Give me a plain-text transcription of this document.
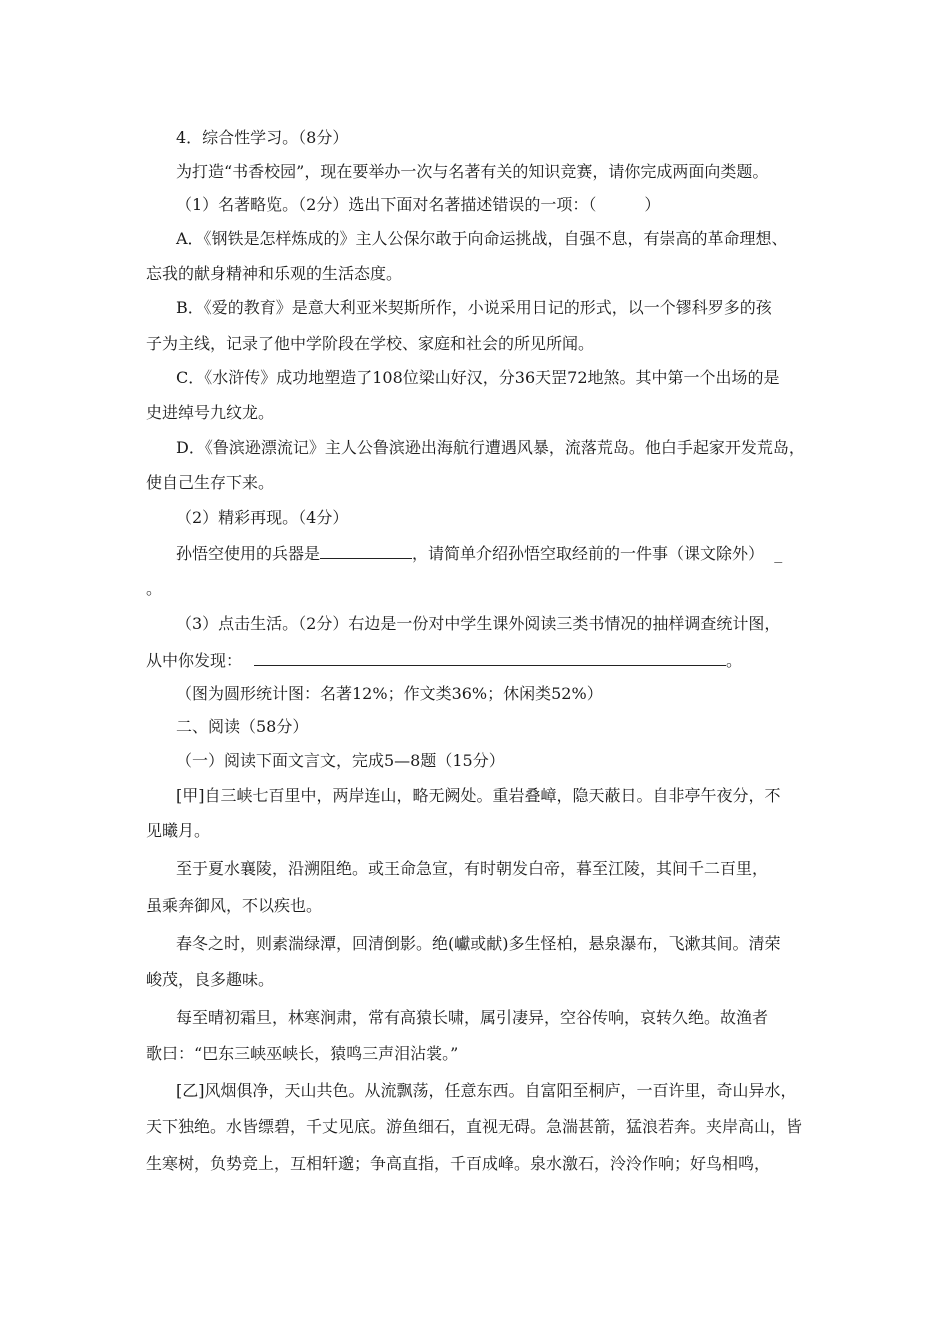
4．综合性学习。（8分）
为打造“书香校园”，现在要举办一次与名著有关的知识竞赛，请你完成两面向类题。
（1）名著略览。（2分）选出下面对名著描述错误的一项：（　　　）
A．《钢铁是怎样炼成的》主人公保尔敢于向命运挑战，自强不息，有崇高的革命理想、
忘我的献身精神和乐观的生活态度。
B．《爱的教育》是意大利亚米契斯所作，小说采用日记的形式，以一个镠科罗多的孩
子为主线，记录了他中学阶段在学校、家庭和社会的所见所闻。
C．《水浒传》成功地塑造了108位梁山好汉，分36天罡72地煞。其中第一个出场的是
史进绰号九纹龙。
D．《鲁滨逊漂流记》主人公鲁滨逊出海航行遭遇风暴，流落荒岛。他白手起家开发荒岛，
使自己生存下来。
（2）精彩再现。（4分）
孙悟空使用的兵器是	，请简单介绍孙悟空取经前的一件事（课文除外） _
。
（3）点击生活。（2分）右边是一份对中学生课外阅读三类书情况的抽样调查统计图，
从中你发现：	。
（图为圆形统计图：名著12%；作文类36%；休闲类52%）
二、阅读（58分）
（一）阅读下面文言文，完成5—8题（15分）
[甲]自三峡七百里中，两岸连山，略无阙处。重岩叠嶂，隐天蔽日。自非亭午夜分，不
见曦月。
至于夏水襄陵，沿溯阻绝。或王命急宣，有时朝发白帝，暮至江陵，其间千二百里，
虽乘奔御风，不以疾也。
春冬之时，则素湍绿潭，回清倒影。绝(巘或献)多生怪柏，悬泉瀑布，飞漱其间。清荣
峻茂，良多趣味。
每至晴初霜旦，林寒涧肃，常有高猿长啸，属引凄异，空谷传响，哀转久绝。故渔者
歌曰：“巴东三峡巫峡长，猿鸣三声泪沾裳。”
[乙]风烟俱净，天山共色。从流飘荡，任意东西。自富阳至桐庐，一百许里，奇山异水，
天下独绝。水皆缥碧，千丈见底。游鱼细石，直视无碍。急湍甚箭，猛浪若奔。夹岸高山，皆
生寒树，负势竞上，互相轩邈；争高直指，千百成峰。泉水激石，泠泠作响；好鸟相鸣，
